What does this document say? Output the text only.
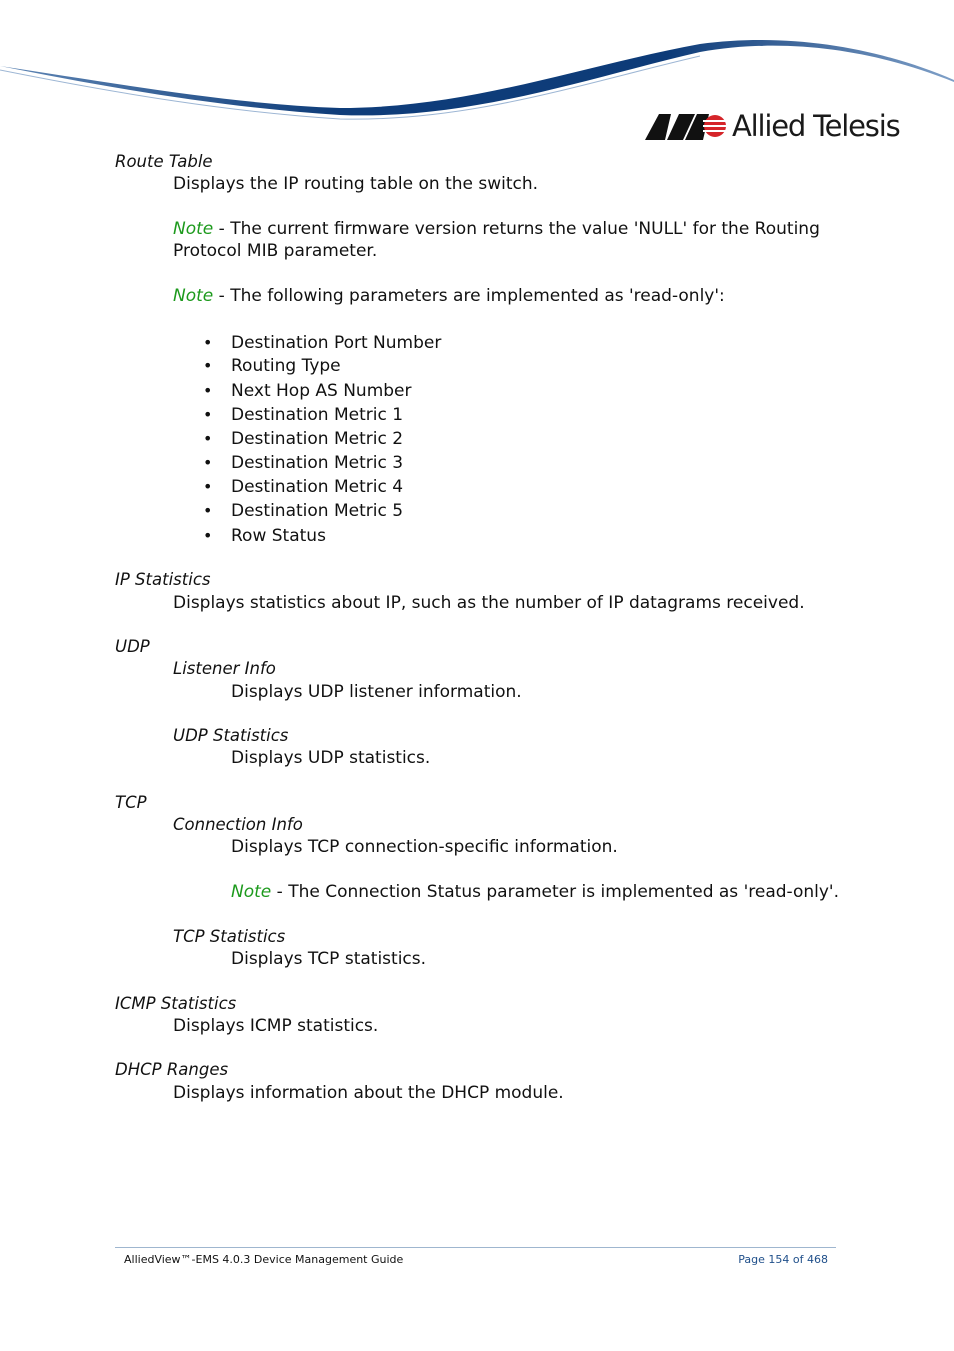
Allied Telesis
Route Table
Displays the IP routing table on the switch.
Note - The current firmware version returns the value 'NULL' for the Routing
Protocol MIB parameter.
Note - The following parameters are implemented as 'read-only':
• Destination Port Number
• Routing Type
• Next Hop AS Number
• Destination Metric 1
• Destination Metric 2
• Destination Metric 3
• Destination Metric 4
• Destination Metric 5
• Row Status
IP Statistics
Displays statistics about IP, such as the number of IP datagrams received.
UDP
Listener Info
Displays UDP listener information.
UDP Statistics
Displays UDP statistics.
TCP
Connection Info
Displays TCP connection-specific information.
Note - The Connection Status parameter is implemented as 'read-only'.
TCP Statistics
Displays TCP statistics.
ICMP Statistics
Displays ICMP statistics.
DHCP Ranges
Displays information about the DHCP module.
AlliedView™-EMS 4.0.3 Device Management Guide	Page 154 of 468
